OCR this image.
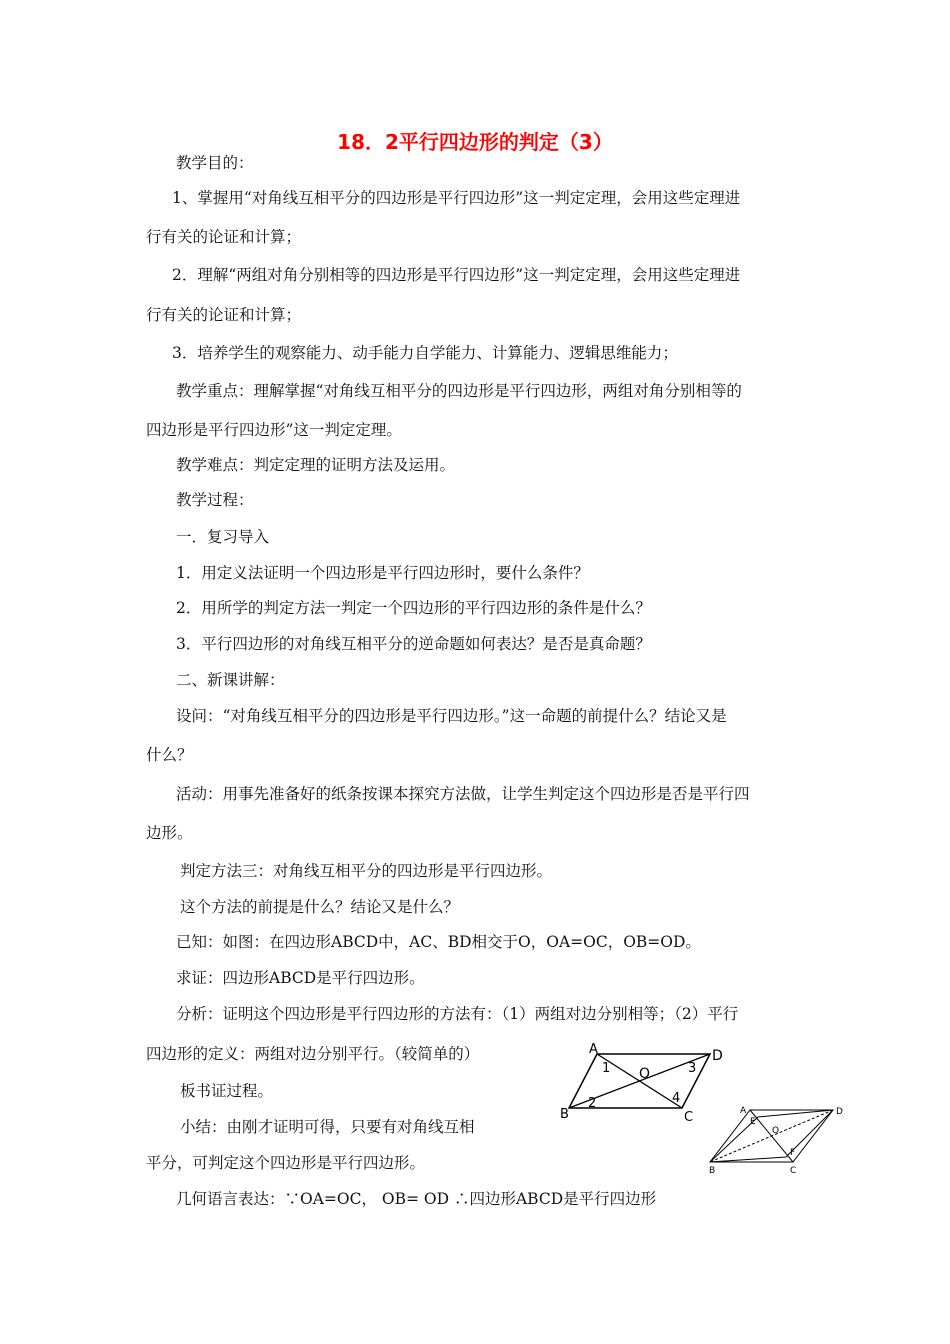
18．2平行四边形的判定（3）
教学目的：
1、掌握用“对角线互相平分的四边形是平行四边形”这一判定定理，会用这些定理进
行有关的论证和计算；
2．理解“两组对角分别相等的四边形是平行四边形”这一判定定理，会用这些定理进
行有关的论证和计算；
3．培养学生的观察能力、动手能力自学能力、计算能力、逻辑思维能力；
教学重点：理解掌握“对角线互相平分的四边形是平行四边形，两组对角分别相等的
四边形是平行四边形”这一判定定理。
教学难点：判定定理的证明方法及运用。
教学过程：
一．复习导入
1．用定义法证明一个四边形是平行四边形时，要什么条件？
2．用所学的判定方法一判定一个四边形的平行四边形的条件是什么？
3．平行四边形的对角线互相平分的逆命题如何表达？是否是真命题？
二、新课讲解：
设问：“对角线互相平分的四边形是平行四边形。”这一命题的前提什么？结论又是
什么？
活动：用事先准备好的纸条按课本探究方法做，让学生判定这个四边形是否是平行四
边形。
判定方法三：对角线互相平分的四边形是平行四边形。
这个方法的前提是什么？结论又是什么？
已知：如图：在四边形ABCD中，AC、BD相交于O，OA=OC，OB=OD。
求证：四边形ABCD是平行四边形。
分析：证明这个四边形是平行四边形的方法有：（1）两组对边分别相等；（2）平行
四边形的定义：两组对边分别平行。（较简单的）
板书证过程。
小结：由刚才证明可得，只要有对角线互相
平分，可判定这个四边形是平行四边形。
几何语言表达：∵OA=OC， OB= OD ∴四边形ABCD是平行四边形
A	D
B	C
O
1
2
3
4
A	D
B	C
O
E
F
